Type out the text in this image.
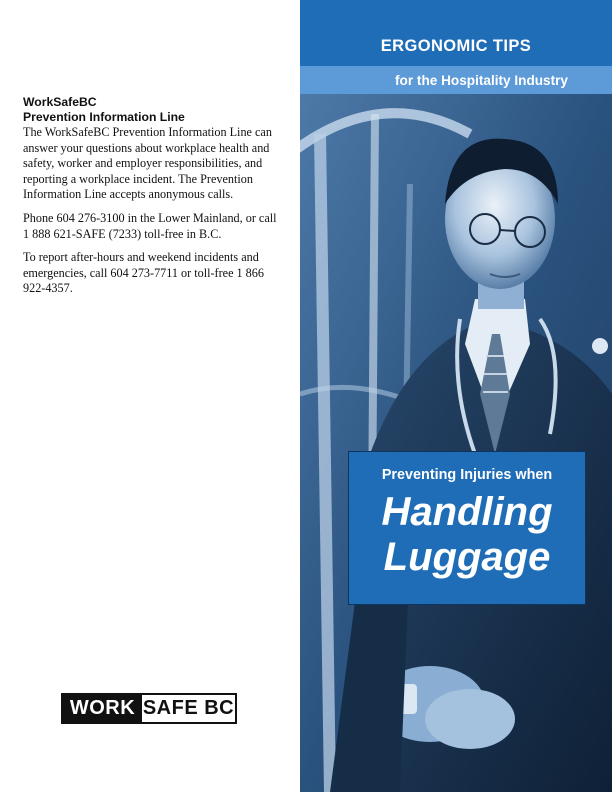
WorkSafeBC
Prevention Information Line

The WorkSafeBC Prevention Information Line can answer your questions about workplace health and safety, worker and employer responsibilities, and reporting a workplace incident. The Prevention Information Line accepts anonymous calls.

Phone 604 276-3100 in the Lower Mainland, or call 1 888 621-SAFE (7233) toll-free in B.C.

To report after-hours and weekend incidents and emergencies, call 604 273-7711 or toll-free 1 866 922-4357.

WORK SAFE BC
ERGONOMIC TIPS
for the Hospitality Industry
Preventing Injuries when
Handling
Luggage
